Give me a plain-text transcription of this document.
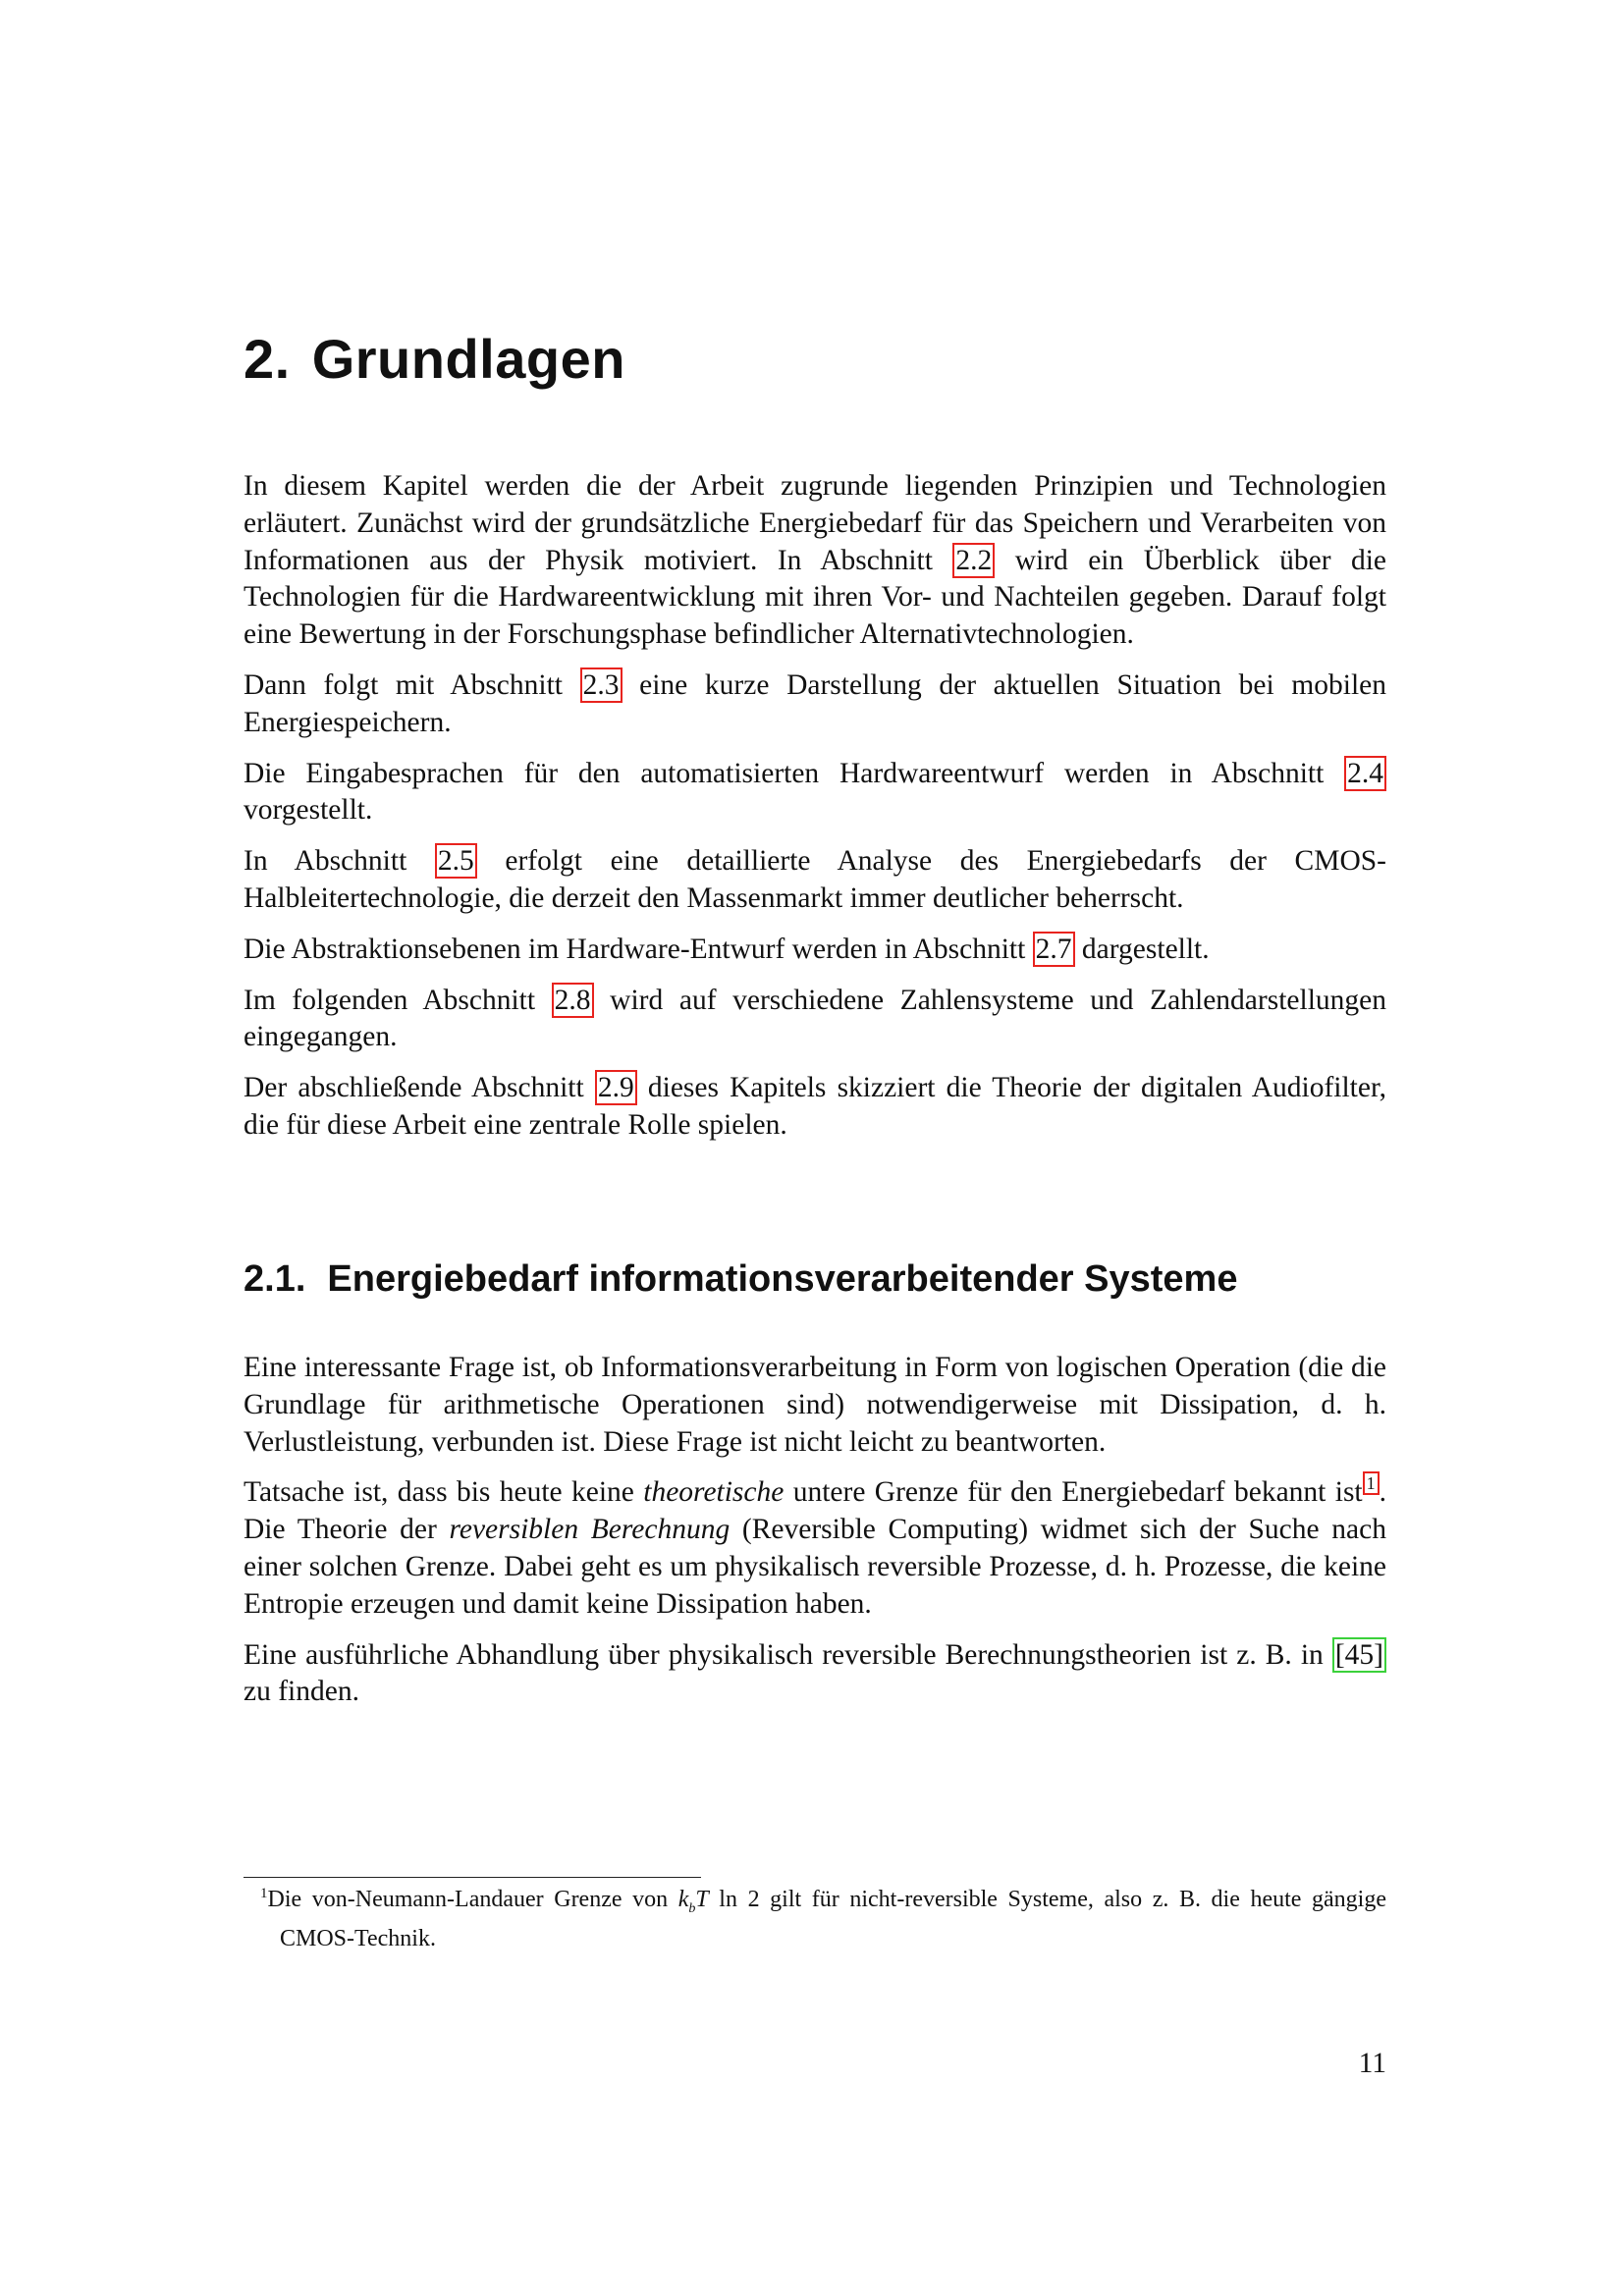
2. Grundlagen

In diesem Kapitel werden die der Arbeit zugrunde liegenden Prinzipien und Technologien erläutert. Zunächst wird der grundsätzliche Energiebedarf für das Speichern und Verarbeiten von Informationen aus der Physik motiviert. In Abschnitt 2.2 wird ein Überblick über die Technologien für die Hardwareentwicklung mit ihren Vor- und Nachteilen gegeben. Darauf folgt eine Bewertung in der Forschungsphase befindlicher Alternativtechnologien.

Dann folgt mit Abschnitt 2.3 eine kurze Darstellung der aktuellen Situation bei mobilen Energiespeichern.

Die Eingabesprachen für den automatisierten Hardwareentwurf werden in Abschnitt 2.4 vorgestellt.

In Abschnitt 2.5 erfolgt eine detaillierte Analyse des Energiebedarfs der CMOS-Halbleitertechnologie, die derzeit den Massenmarkt immer deutlicher beherrscht.

Die Abstraktionsebenen im Hardware-Entwurf werden in Abschnitt 2.7 dargestellt.

Im folgenden Abschnitt 2.8 wird auf verschiedene Zahlensysteme und Zahlendarstellungen eingegangen.

Der abschließende Abschnitt 2.9 dieses Kapitels skizziert die Theorie der digitalen Audiofilter, die für diese Arbeit eine zentrale Rolle spielen.

2.1. Energiebedarf informationsverarbeitender Systeme

Eine interessante Frage ist, ob Informationsverarbeitung in Form von logischen Operation (die die Grundlage für arithmetische Operationen sind) notwendigerweise mit Dissipation, d. h. Verlustleistung, verbunden ist. Diese Frage ist nicht leicht zu beantworten.

Tatsache ist, dass bis heute keine theoretische untere Grenze für den Energiebedarf bekannt ist $^1$ . Die Theorie der reversiblen Berechnung (Reversible Computing) widmet sich der Suche nach einer solchen Grenze. Dabei geht es um physikalisch reversible Prozesse, d. h. Prozesse, die keine Entropie erzeugen und damit keine Dissipation haben.

Eine ausführliche Abhandlung über physikalisch reversible Berechnungstheorien ist z. B. in [45] zu finden.

$^1$Die von-Neumann-Landauer Grenze von $k_bT$ ln 2 gilt für nicht-reversible Systeme, also z. B. die heute gängige CMOS-Technik.
11
